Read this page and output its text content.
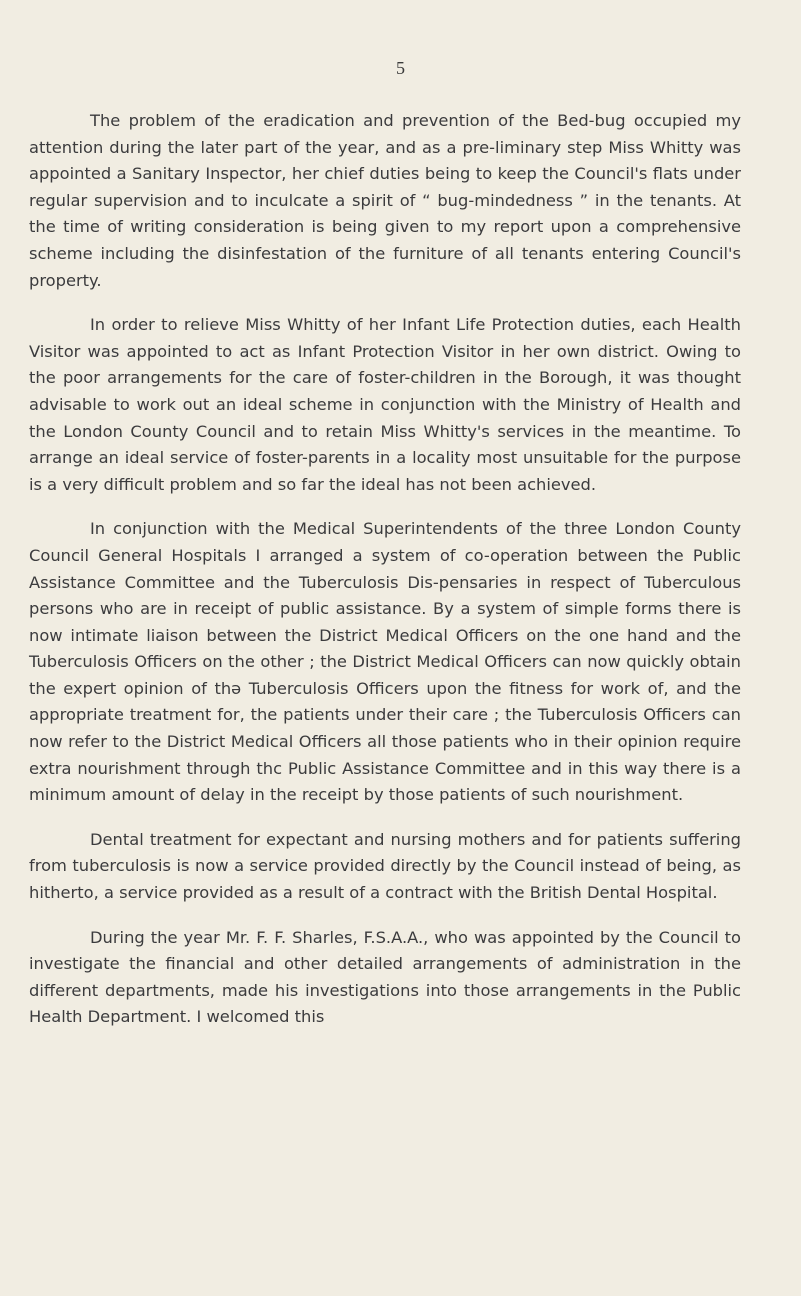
5

The problem of the eradication and prevention of the Bed-bug occupied my attention during the later part of the year, and as a pre-liminary step Miss Whitty was appointed a Sanitary Inspector, her chief duties being to keep the Council's flats under regular supervision and to inculcate a spirit of “ bug-mindedness ” in the tenants. At the time of writing consideration is being given to my report upon a comprehensive scheme including the disinfestation of the furniture of all tenants entering Council's property.

In order to relieve Miss Whitty of her Infant Life Protection duties, each Health Visitor was appointed to act as Infant Protection Visitor in her own district. Owing to the poor arrangements for the care of foster-children in the Borough, it was thought advisable to work out an ideal scheme in conjunction with the Ministry of Health and the London County Council and to retain Miss Whitty's services in the meantime. To arrange an ideal service of foster-parents in a locality most unsuitable for the purpose is a very difficult problem and so far the ideal has not been achieved.

In conjunction with the Medical Superintendents of the three London County Council General Hospitals I arranged a system of co-operation between the Public Assistance Committee and the Tuberculosis Dis-pensaries in respect of Tuberculous persons who are in receipt of public assistance. By a system of simple forms there is now intimate liaison between the District Medical Officers on the one hand and the Tuberculosis Officers on the other ; the District Medical Officers can now quickly obtain the expert opinion of thə Tuberculosis Officers upon the fitness for work of, and the appropriate treatment for, the patients under their care ; the Tuberculosis Officers can now refer to the District Medical Officers all those patients who in their opinion require extra nourishment through thc Public Assistance Committee and in this way there is a minimum amount of delay in the receipt by those patients of such nourishment.

Dental treatment for expectant and nursing mothers and for patients suffering from tuberculosis is now a service provided directly by the Council instead of being, as hitherto, a service provided as a result of a contract with the British Dental Hospital.

During the year Mr. F. F. Sharles, F.S.A.A., who was appointed by the Council to investigate the financial and other detailed arrangements of administration in the different departments, made his investigations into those arrangements in the Public Health Department. I welcomed this
